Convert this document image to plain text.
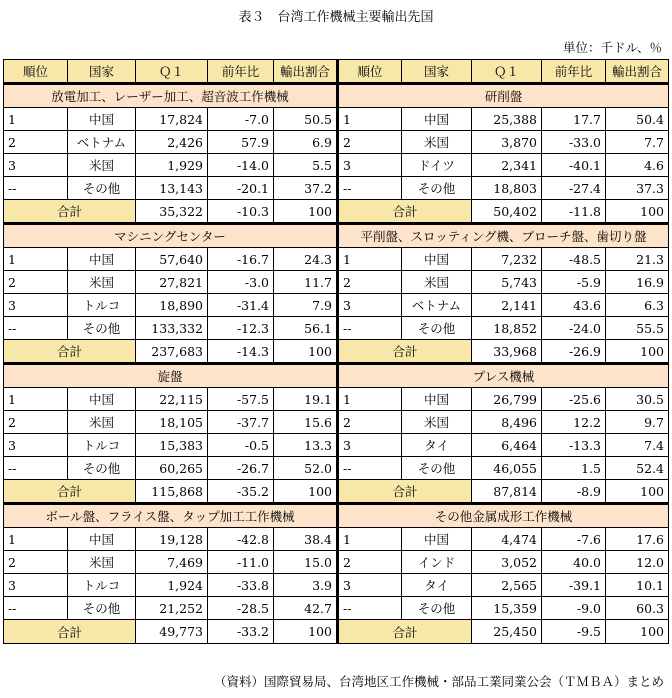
表３　台湾工作機械主要輸出先国
単位：千ドル、％
順位	国家	Ｑ１	前年比	輸出割合	順位	国家	Ｑ１	前年比	輸出割合
放電加工、レーザー加工、超音波工作機械					研削盤				
1	中国	17,824	-7.0	50.5	1	中国	25,388	17.7	50.4
2	ベトナム	2,426	57.9	6.9	2	米国	3,870	-33.0	7.7
3	米国	1,929	-14.0	5.5	3	ドイツ	2,341	-40.1	4.6
--	その他	13,143	-20.1	37.2	--	その他	18,803	-27.4	37.3
合計		35,322	-10.3	100	合計		50,402	-11.8	100
マシニングセンター					平削盤、スロッティング機、ブローチ盤、歯切り盤				
1	中国	57,640	-16.7	24.3	1	中国	7,232	-48.5	21.3
2	米国	27,821	-3.0	11.7	2	米国	5,743	-5.9	16.9
3	トルコ	18,890	-31.4	7.9	3	ベトナム	2,141	43.6	6.3
--	その他	133,332	-12.3	56.1	--	その他	18,852	-24.0	55.5
合計		237,683	-14.3	100	合計		33,968	-26.9	100
旋盤					プレス機械				
1	中国	22,115	-57.5	19.1	1	中国	26,799	-25.6	30.5
2	米国	18,105	-37.7	15.6	2	米国	8,496	12.2	9.7
3	トルコ	15,383	-0.5	13.3	3	タイ	6,464	-13.3	7.4
--	その他	60,265	-26.7	52.0	--	その他	46,055	1.5	52.4
合計		115,868	-35.2	100	合計		87,814	-8.9	100
ボール盤、フライス盤、タップ加工工作機械					その他金属成形工作機械				
1	中国	19,128	-42.8	38.4	1	中国	4,474	-7.6	17.6
2	米国	7,469	-11.0	15.0	2	インド	3,052	40.0	12.0
3	トルコ	1,924	-33.8	3.9	3	タイ	2,565	-39.1	10.1
--	その他	21,252	-28.5	42.7	--	その他	15,359	-9.0	60.3
合計		49,773	-33.2	100	合計		25,450	-9.5	100
（資料）国際貿易局、台湾地区工作機械・部品工業同業公会（ＴＭＢＡ）まとめ
